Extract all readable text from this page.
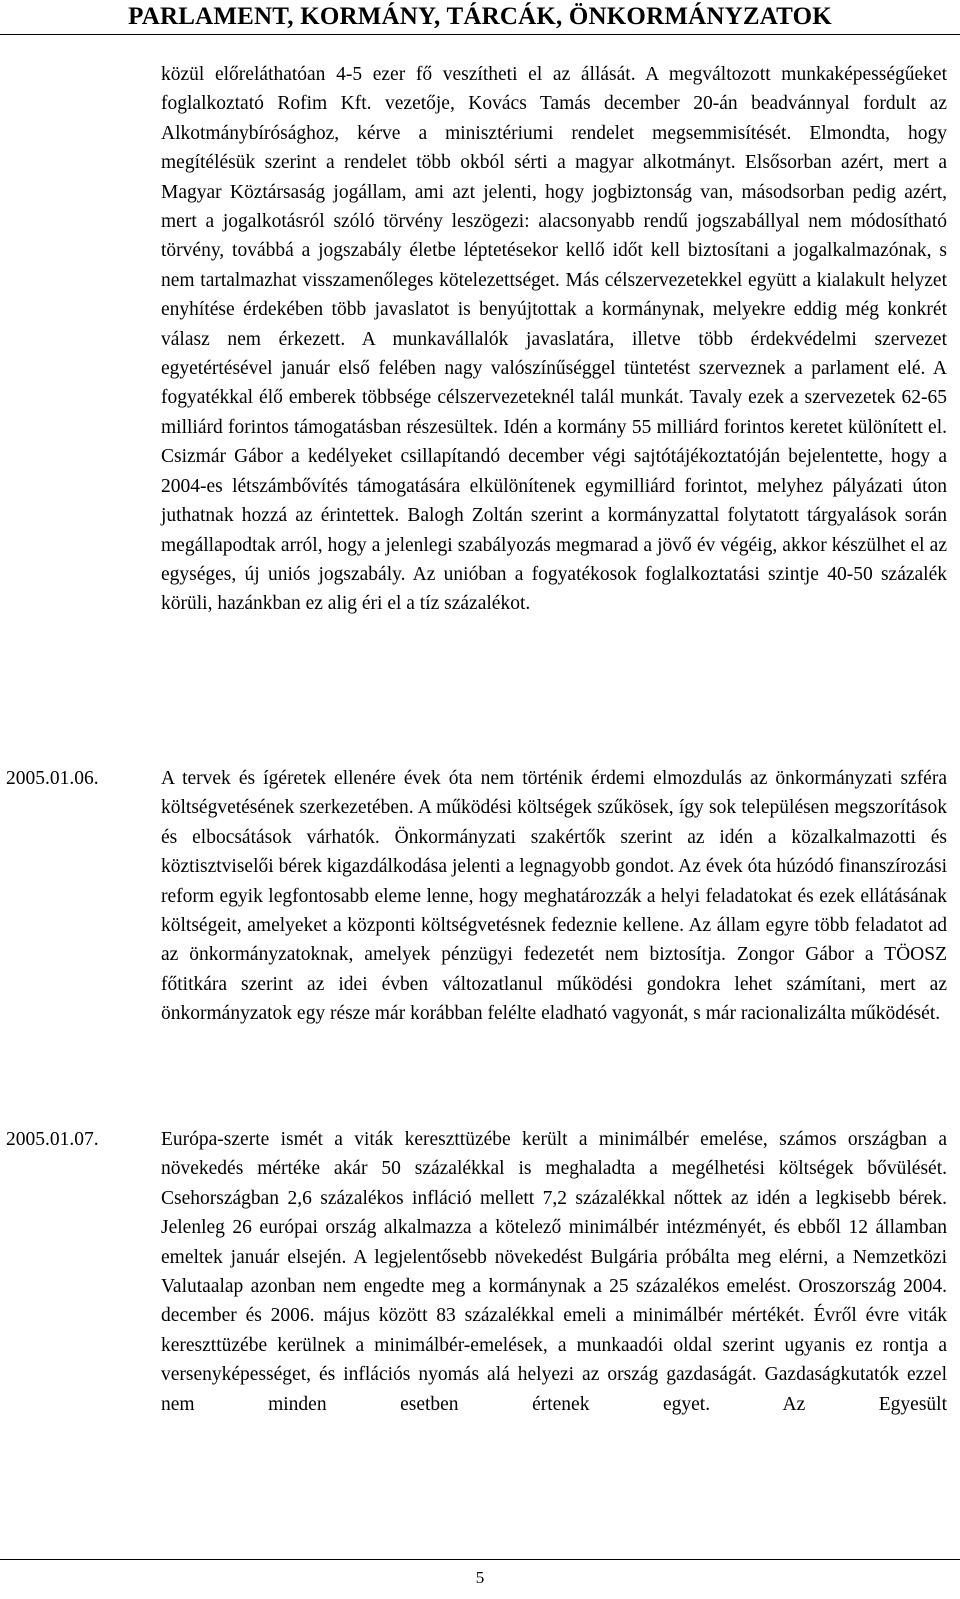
PARLAMENT, KORMÁNY, TÁRCÁK, ÖNKORMÁNYZATOK
közül előreláthatóan 4-5 ezer fő veszítheti el az állását. A megváltozott munkaképességűeket foglalkoztató Rofim Kft. vezetője, Kovács Tamás december 20-án beadvánnyal fordult az Alkotmánybírósághoz, kérve a minisztériumi rendelet megsemmisítését. Elmondta, hogy megítélésük szerint a rendelet több okból sérti a magyar alkotmányt. Elsősorban azért, mert a Magyar Köztársaság jogállam, ami azt jelenti, hogy jogbiztonság van, másodsorban pedig azért, mert a jogalkotásról szóló törvény leszögezi: alacsonyabb rendű jogszabállyal nem módosítható törvény, továbbá a jogszabály életbe léptetésekor kellő időt kell biztosítani a jogalkalmazónak, s nem tartalmazhat visszamenőleges kötelezettséget. Más célszervezetekkel együtt a kialakult helyzet enyhítése érdekében több javaslatot is benyújtottak a kormánynak, melyekre eddig még konkrét válasz nem érkezett. A munkavállalók javaslatára, illetve több érdekvédelmi szervezet egyetértésével január első felében nagy valószínűséggel tüntetést szerveznek a parlament elé. A fogyatékkal élő emberek többsége célszervezeteknél talál munkát. Tavaly ezek a szervezetek 62-65 milliárd forintos támogatásban részesültek. Idén a kormány 55 milliárd forintos keretet különített el. Csizmár Gábor a kedélyeket csillapítandó december végi sajtótájékoztatóján bejelentette, hogy a 2004-es létszámbővítés támogatására elkülönítenek egymilliárd forintot, melyhez pályázati úton juthatnak hozzá az érintettek. Balogh Zoltán szerint a kormányzattal folytatott tárgyalások során megállapodtak arról, hogy a jelenlegi szabályozás megmarad a jövő év végéig, akkor készülhet el az egységes, új uniós jogszabály. Az unióban a fogyatékosok foglalkoztatási szintje 40-50 százalék körüli, hazánkban ez alig éri el a tíz százalékot.
2005.01.06.	A tervek és ígéretek ellenére évek óta nem történik érdemi elmozdulás az önkormányzati szféra költségvetésének szerkezetében. A működési költségek szűkösek, így sok településen megszorítások és elbocsátások várhatók. Önkormányzati szakértők szerint az idén a közalkalmazotti és köztisztviselői bérek kigazdálkodása jelenti a legnagyobb gondot. Az évek óta húzódó finanszírozási reform egyik legfontosabb eleme lenne, hogy meghatározzák a helyi feladatokat és ezek ellátásának költségeit, amelyeket a központi költségvetésnek fedeznie kellene. Az állam egyre több feladatot ad az önkormányzatoknak, amelyek pénzügyi fedezetét nem biztosítja. Zongor Gábor a TÖOSZ főtitkára szerint az idei évben változatlanul működési gondokra lehet számítani, mert az önkormányzatok egy része már korábban felélte eladható vagyonát, s már racionalizálta működését.
2005.01.07.	Európa-szerte ismét a viták kereszttüzébe került a minimálbér emelése, számos országban a növekedés mértéke akár 50 százalékkal is meghaladta a megélhetési költségek bővülését. Csehországban 2,6 százalékos infláció mellett 7,2 százalékkal nőttek az idén a legkisebb bérek. Jelenleg 26 európai ország alkalmazza a kötelező minimálbér intézményét, és ebből 12 államban emeltek január elsején. A legjelentősebb növekedést Bulgária próbálta meg elérni, a Nemzetközi Valutaalap azonban nem engedte meg a kormánynak a 25 százalékos emelést. Oroszország 2004. december és 2006. május között 83 százalékkal emeli a minimálbér mértékét. Évről évre viták kereszttüzébe kerülnek a minimálbér-emelések, a munkaadói oldal szerint ugyanis ez rontja a versenyképességet, és inflációs nyomás alá helyezi az ország gazdaságát. Gazdaságkutatók ezzel nem minden esetben értenek egyet. Az Egyesült
5
